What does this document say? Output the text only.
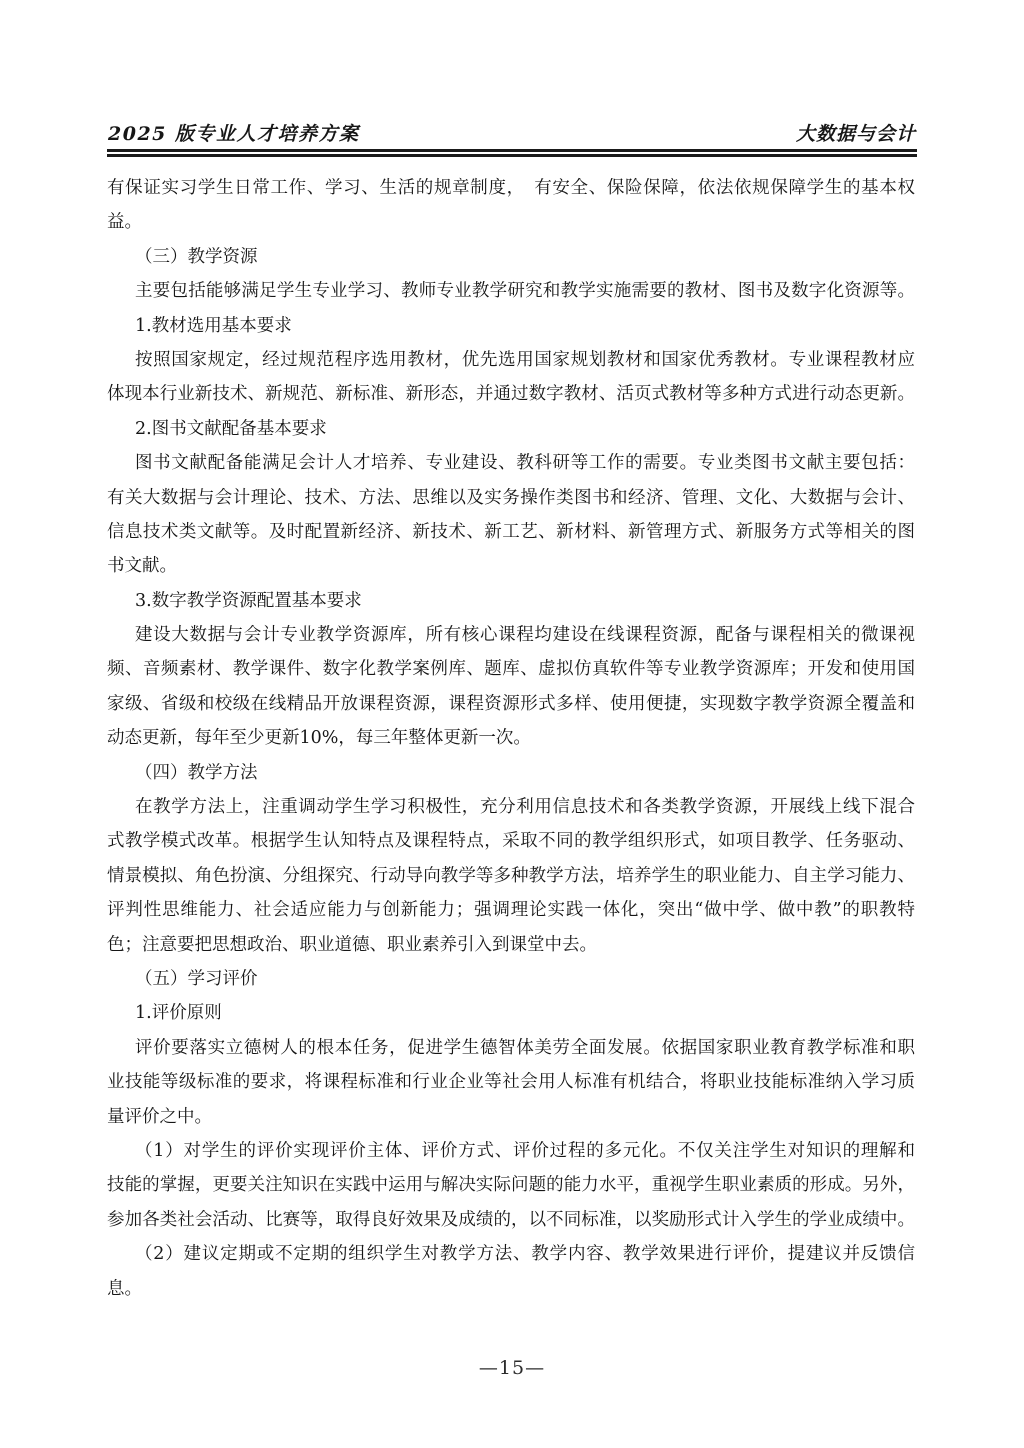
2025 版专业人才培养方案	大数据与会计
有保证实习学生日常工作、学习、生活的规章制度，　有安全、保险保障，依法依规保障学生的基本权
益。
（三）教学资源
主要包括能够满足学生专业学习、教师专业教学研究和教学实施需要的教材、图书及数字化资源等。
1.教材选用基本要求
按照国家规定，经过规范程序选用教材，优先选用国家规划教材和国家优秀教材。专业课程教材应
体现本行业新技术、新规范、新标准、新形态，并通过数字教材、活页式教材等多种方式进行动态更新。
2.图书文献配备基本要求
图书文献配备能满足会计人才培养、专业建设、教科研等工作的需要。专业类图书文献主要包括：
有关大数据与会计理论、技术、方法、思维以及实务操作类图书和经济、管理、文化、大数据与会计、
信息技术类文献等。及时配置新经济、新技术、新工艺、新材料、新管理方式、新服务方式等相关的图
书文献。
3.数字教学资源配置基本要求
建设大数据与会计专业教学资源库，所有核心课程均建设在线课程资源，配备与课程相关的微课视
频、音频素材、教学课件、数字化教学案例库、题库、虚拟仿真软件等专业教学资源库；开发和使用国
家级、省级和校级在线精品开放课程资源，课程资源形式多样、使用便捷，实现数字教学资源全覆盖和
动态更新，每年至少更新10%，每三年整体更新一次。
（四）教学方法
在教学方法上，注重调动学生学习积极性，充分利用信息技术和各类教学资源，开展线上线下混合
式教学模式改革。根据学生认知特点及课程特点，采取不同的教学组织形式，如项目教学、任务驱动、
情景模拟、角色扮演、分组探究、行动导向教学等多种教学方法，培养学生的职业能力、自主学习能力、
评判性思维能力、社会适应能力与创新能力；强调理论实践一体化，突出“做中学、做中教”的职教特
色；注意要把思想政治、职业道德、职业素养引入到课堂中去。
（五）学习评价
1.评价原则
评价要落实立德树人的根本任务，促进学生德智体美劳全面发展。依据国家职业教育教学标准和职
业技能等级标准的要求，将课程标准和行业企业等社会用人标准有机结合，将职业技能标准纳入学习质
量评价之中。
（1）对学生的评价实现评价主体、评价方式、评价过程的多元化。不仅关注学生对知识的理解和
技能的掌握，更要关注知识在实践中运用与解决实际问题的能力水平，重视学生职业素质的形成。另外，
参加各类社会活动、比赛等，取得良好效果及成绩的，以不同标准，以奖励形式计入学生的学业成绩中。
（2）建议定期或不定期的组织学生对教学方法、教学内容、教学效果进行评价，提建议并反馈信
息。
—15—
